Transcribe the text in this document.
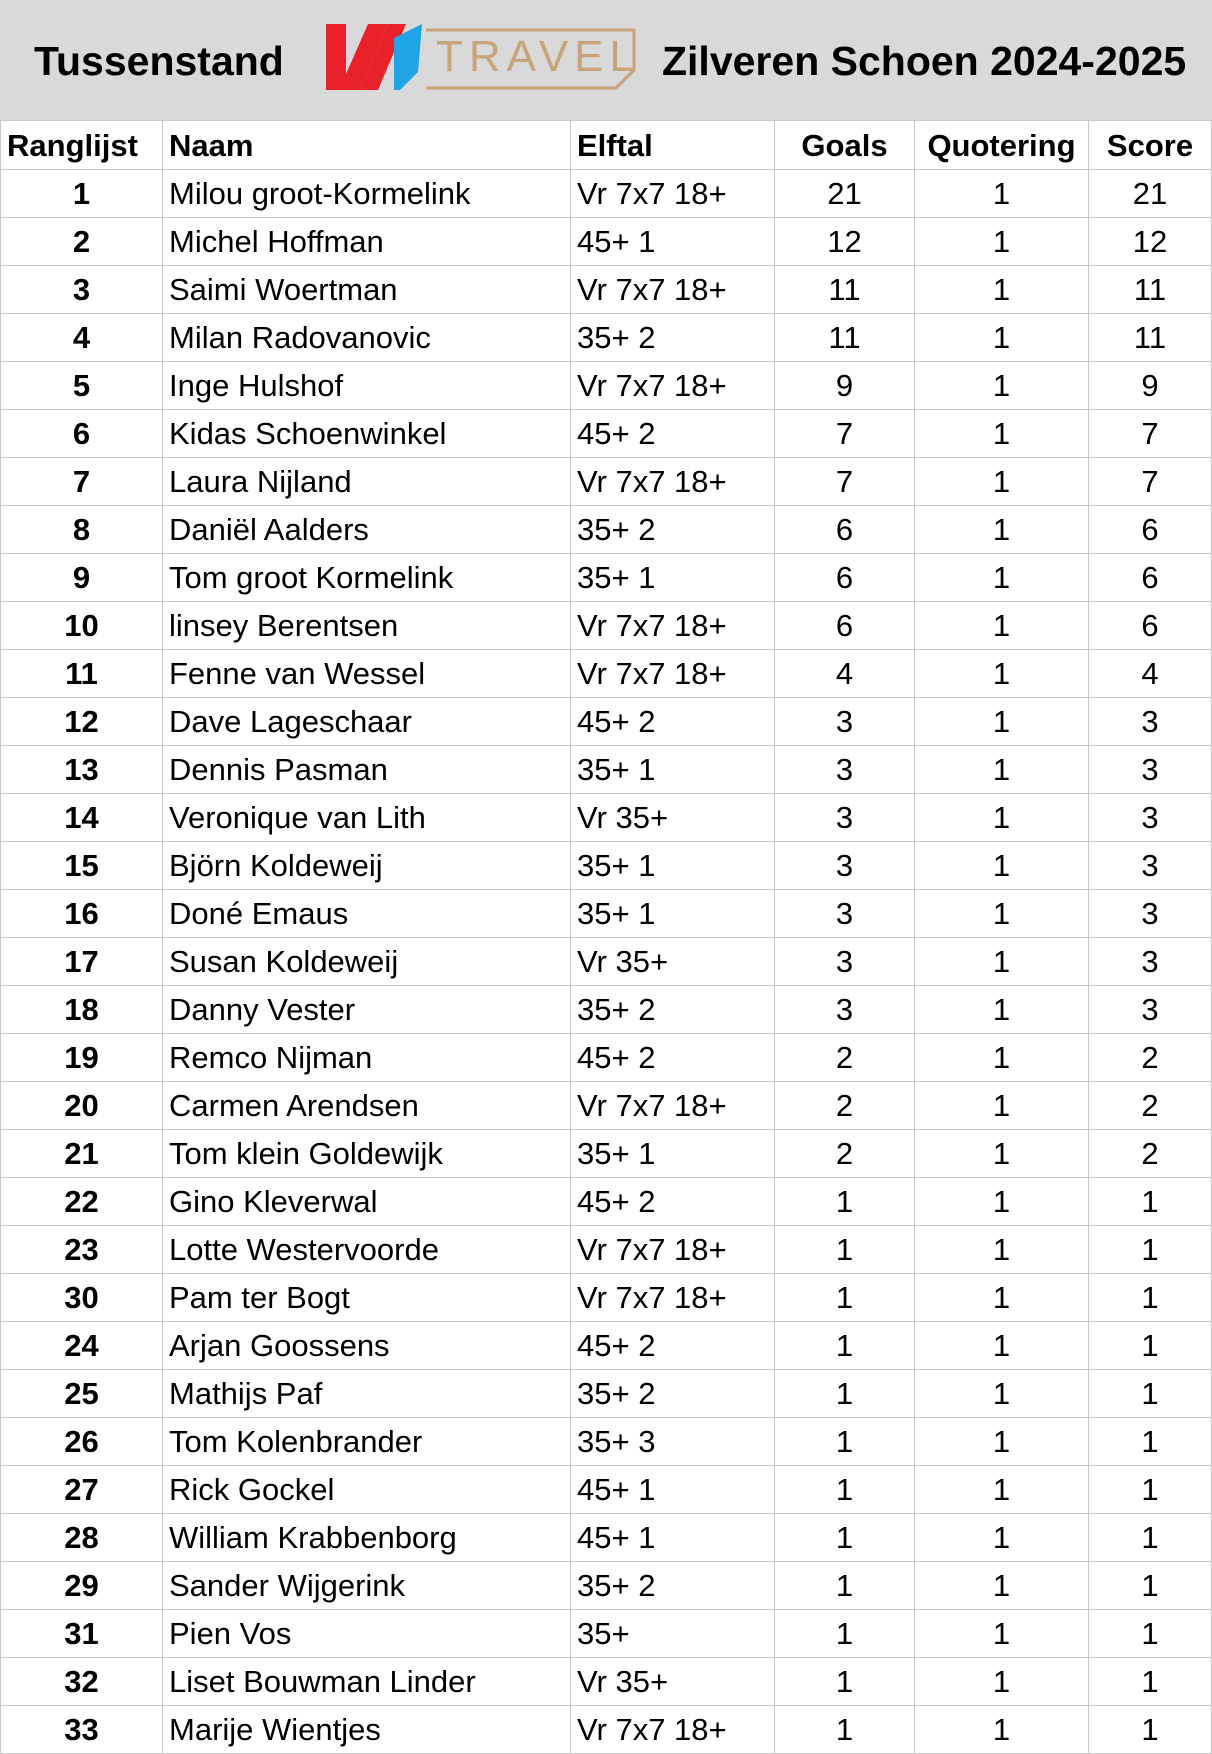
Tussenstand	TRAVEL Zilveren Schoen 2024-2025
Ranglijst	Naam	Elftal	Goals	Quotering	Score
1	Milou groot-Kormelink	Vr 7x7 18+	21	1	21
2	Michel Hoffman	45+ 1	12	1	12
3	Saimi Woertman	Vr 7x7 18+	11	1	11
4	Milan Radovanovic	35+ 2	11	1	11
5	Inge Hulshof	Vr 7x7 18+	9	1	9
6	Kidas Schoenwinkel	45+ 2	7	1	7
7	Laura Nijland	Vr 7x7 18+	7	1	7
8	Daniël Aalders	35+ 2	6	1	6
9	Tom groot Kormelink	35+ 1	6	1	6
10	linsey Berentsen	Vr 7x7 18+	6	1	6
11	Fenne van Wessel	Vr 7x7 18+	4	1	4
12	Dave Lageschaar	45+ 2	3	1	3
13	Dennis Pasman	35+ 1	3	1	3
14	Veronique van Lith	Vr 35+	3	1	3
15	Björn Koldeweij	35+ 1	3	1	3
16	Doné Emaus	35+ 1	3	1	3
17	Susan Koldeweij	Vr 35+	3	1	3
18	Danny Vester	35+ 2	3	1	3
19	Remco Nijman	45+ 2	2	1	2
20	Carmen Arendsen	Vr 7x7 18+	2	1	2
21	Tom klein Goldewijk	35+ 1	2	1	2
22	Gino Kleverwal	45+ 2	1	1	1
23	Lotte Westervoorde	Vr 7x7 18+	1	1	1
30	Pam ter Bogt	Vr 7x7 18+	1	1	1
24	Arjan Goossens	45+ 2	1	1	1
25	Mathijs Paf	35+ 2	1	1	1
26	Tom Kolenbrander	35+ 3	1	1	1
27	Rick Gockel	45+ 1	1	1	1
28	William Krabbenborg	45+ 1	1	1	1
29	Sander Wijgerink	35+ 2	1	1	1
31	Pien Vos	35+	1	1	1
32	Liset Bouwman Linder	Vr 35+	1	1	1
33	Marije Wientjes	Vr 7x7 18+	1	1	1
